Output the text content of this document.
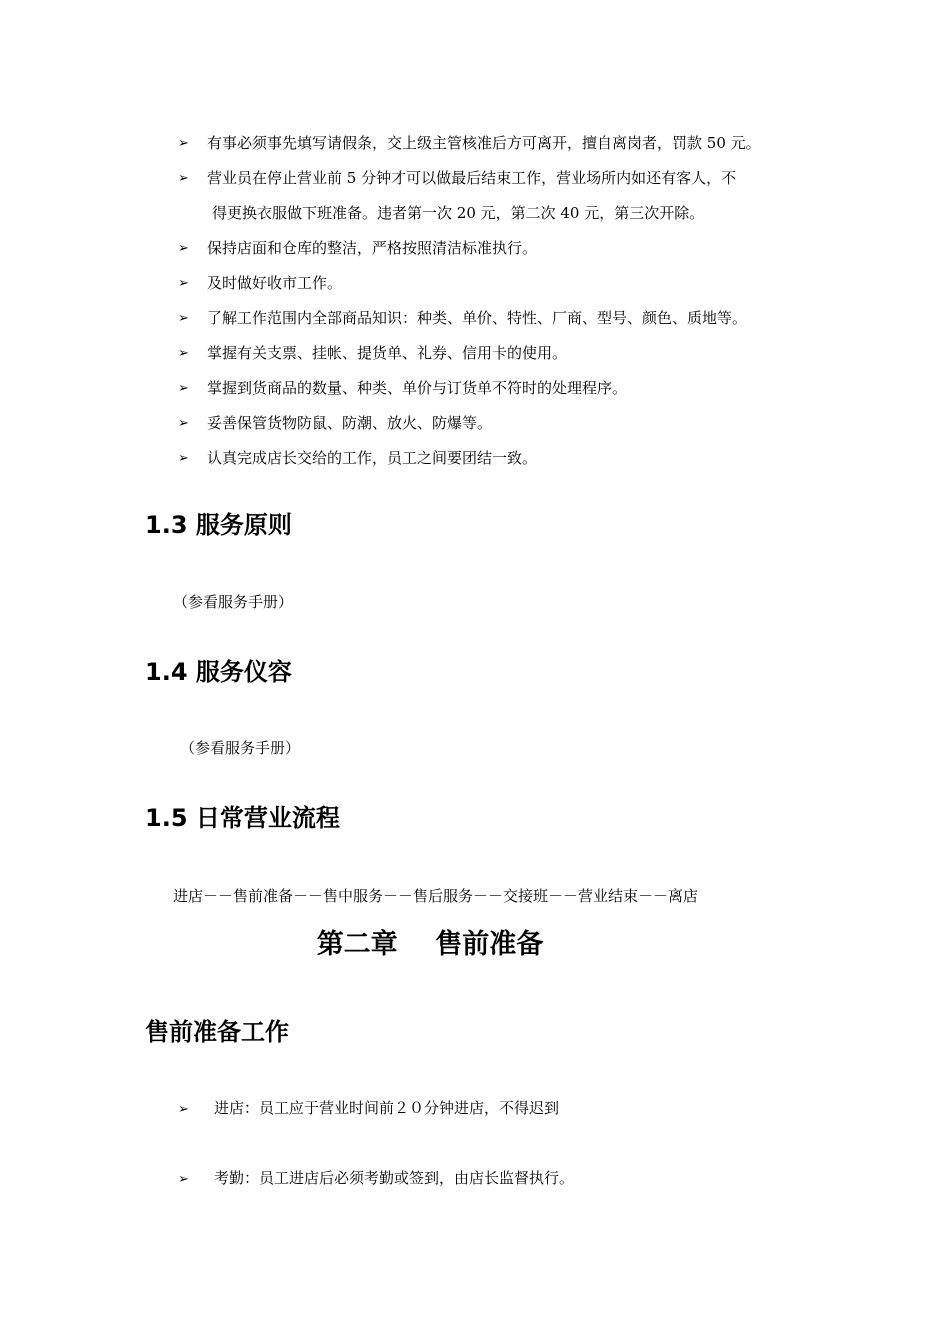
➢ 有事必须事先填写请假条，交上级主管核准后方可离开，擅自离岗者，罚款 50 元。
➢ 营业员在停止营业前 5 分钟才可以做最后结束工作，营业场所内如还有客人，不
得更换衣服做下班准备。违者第一次 20 元，第二次 40 元，第三次开除。
➢ 保持店面和仓库的整洁，严格按照清洁标准执行。
➢ 及时做好收市工作。
➢ 了解工作范围内全部商品知识：种类、单价、特性、厂商、型号、颜色、质地等。
➢ 掌握有关支票、挂帐、提货单、礼券、信用卡的使用。
➢ 掌握到货商品的数量、种类、单价与订货单不符时的处理程序。
➢ 妥善保管货物防鼠、防潮、放火、防爆等。
➢ 认真完成店长交给的工作，员工之间要团结一致。
1.3 服务原则

（参看服务手册）

1.4 服务仪容

（参看服务手册）

1.5 日常营业流程

进店－－售前准备－－售中服务－－售后服务－－交接班－－营业结束－－离店

第二章    售前准备
售前准备工作
➢ 进店：员工应于营业时间前２０分钟进店，不得迟到
➢ 考勤：员工进店后必须考勤或签到，由店长监督执行。
